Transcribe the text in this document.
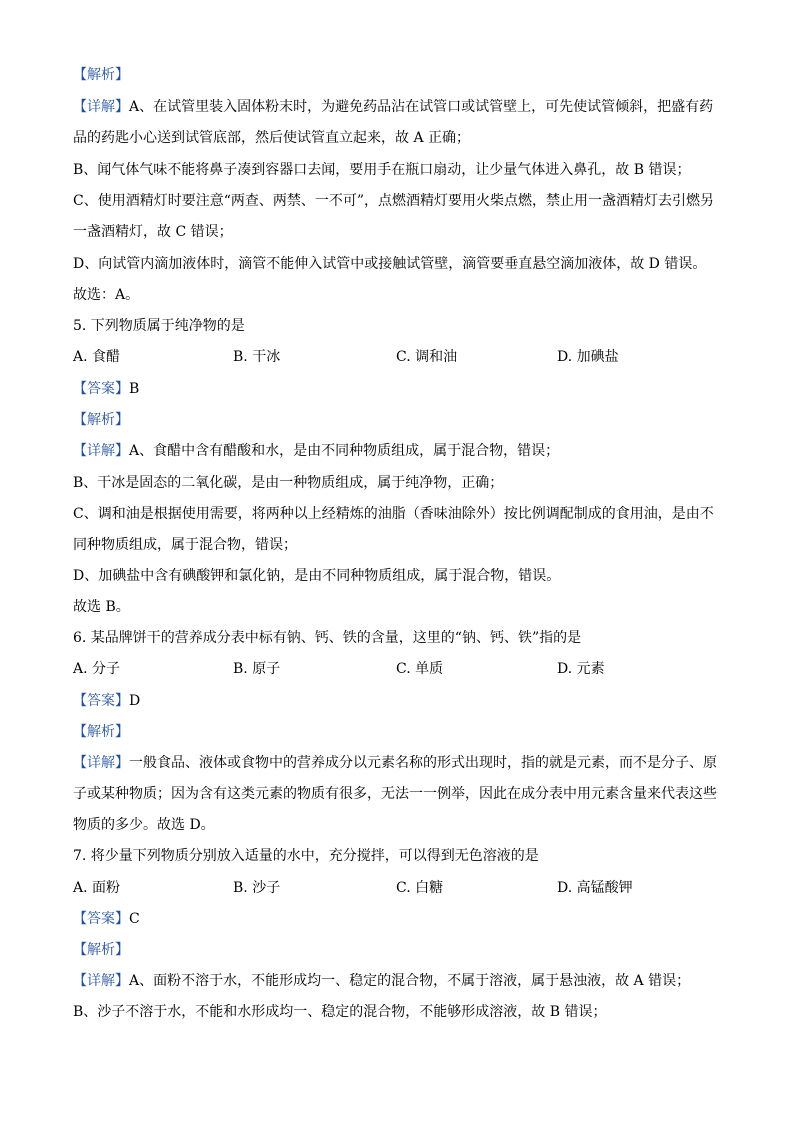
【解析】
【详解】A、在试管里装入固体粉末时，为避免药品沾在试管口或试管壁上，可先使试管倾斜，把盛有药
品的药匙小心送到试管底部，然后使试管直立起来，故 A 正确；
B、闻气体气味不能将鼻子凑到容器口去闻，要用手在瓶口扇动，让少量气体进入鼻孔，故 B 错误；
C、使用酒精灯时要注意“两查、两禁、一不可”，点燃酒精灯要用火柴点燃，禁止用一盏酒精灯去引燃另
一盏酒精灯，故 C 错误；
D、向试管内滴加液体时，滴管不能伸入试管中或接触试管壁，滴管要垂直悬空滴加液体，故 D 错误。
故选：A。
5. 下列物质属于纯净物的是
A. 食醋	B. 干冰	C. 调和油	D. 加碘盐
【答案】B
【解析】
【详解】A、食醋中含有醋酸和水，是由不同种物质组成，属于混合物，错误；
B、干冰是固态的二氧化碳，是由一种物质组成，属于纯净物，正确；
C、调和油是根据使用需要，将两种以上经精炼的油脂（香味油除外）按比例调配制成的食用油，是由不
同种物质组成，属于混合物，错误；
D、加碘盐中含有碘酸钾和氯化钠，是由不同种物质组成，属于混合物，错误。
故选 B。
6. 某品牌饼干的营养成分表中标有钠、钙、铁的含量，这里的“钠、钙、铁”指的是
A. 分子	B. 原子	C. 单质	D. 元素
【答案】D
【解析】
【详解】一般食品、液体或食物中的营养成分以元素名称的形式出现时，指的就是元素，而不是分子、原
子或某种物质；因为含有这类元素的物质有很多，无法一一例举，因此在成分表中用元素含量来代表这些
物质的多少。故选 D。
7. 将少量下列物质分别放入适量的水中，充分搅拌，可以得到无色溶液的是
A. 面粉	B. 沙子	C. 白糖	D. 高锰酸钾
【答案】C
【解析】
【详解】A、面粉不溶于水，不能形成均一、稳定的混合物，不属于溶液，属于悬浊液，故 A 错误；
B、沙子不溶于水，不能和水形成均一、稳定的混合物，不能够形成溶液，故 B 错误；
